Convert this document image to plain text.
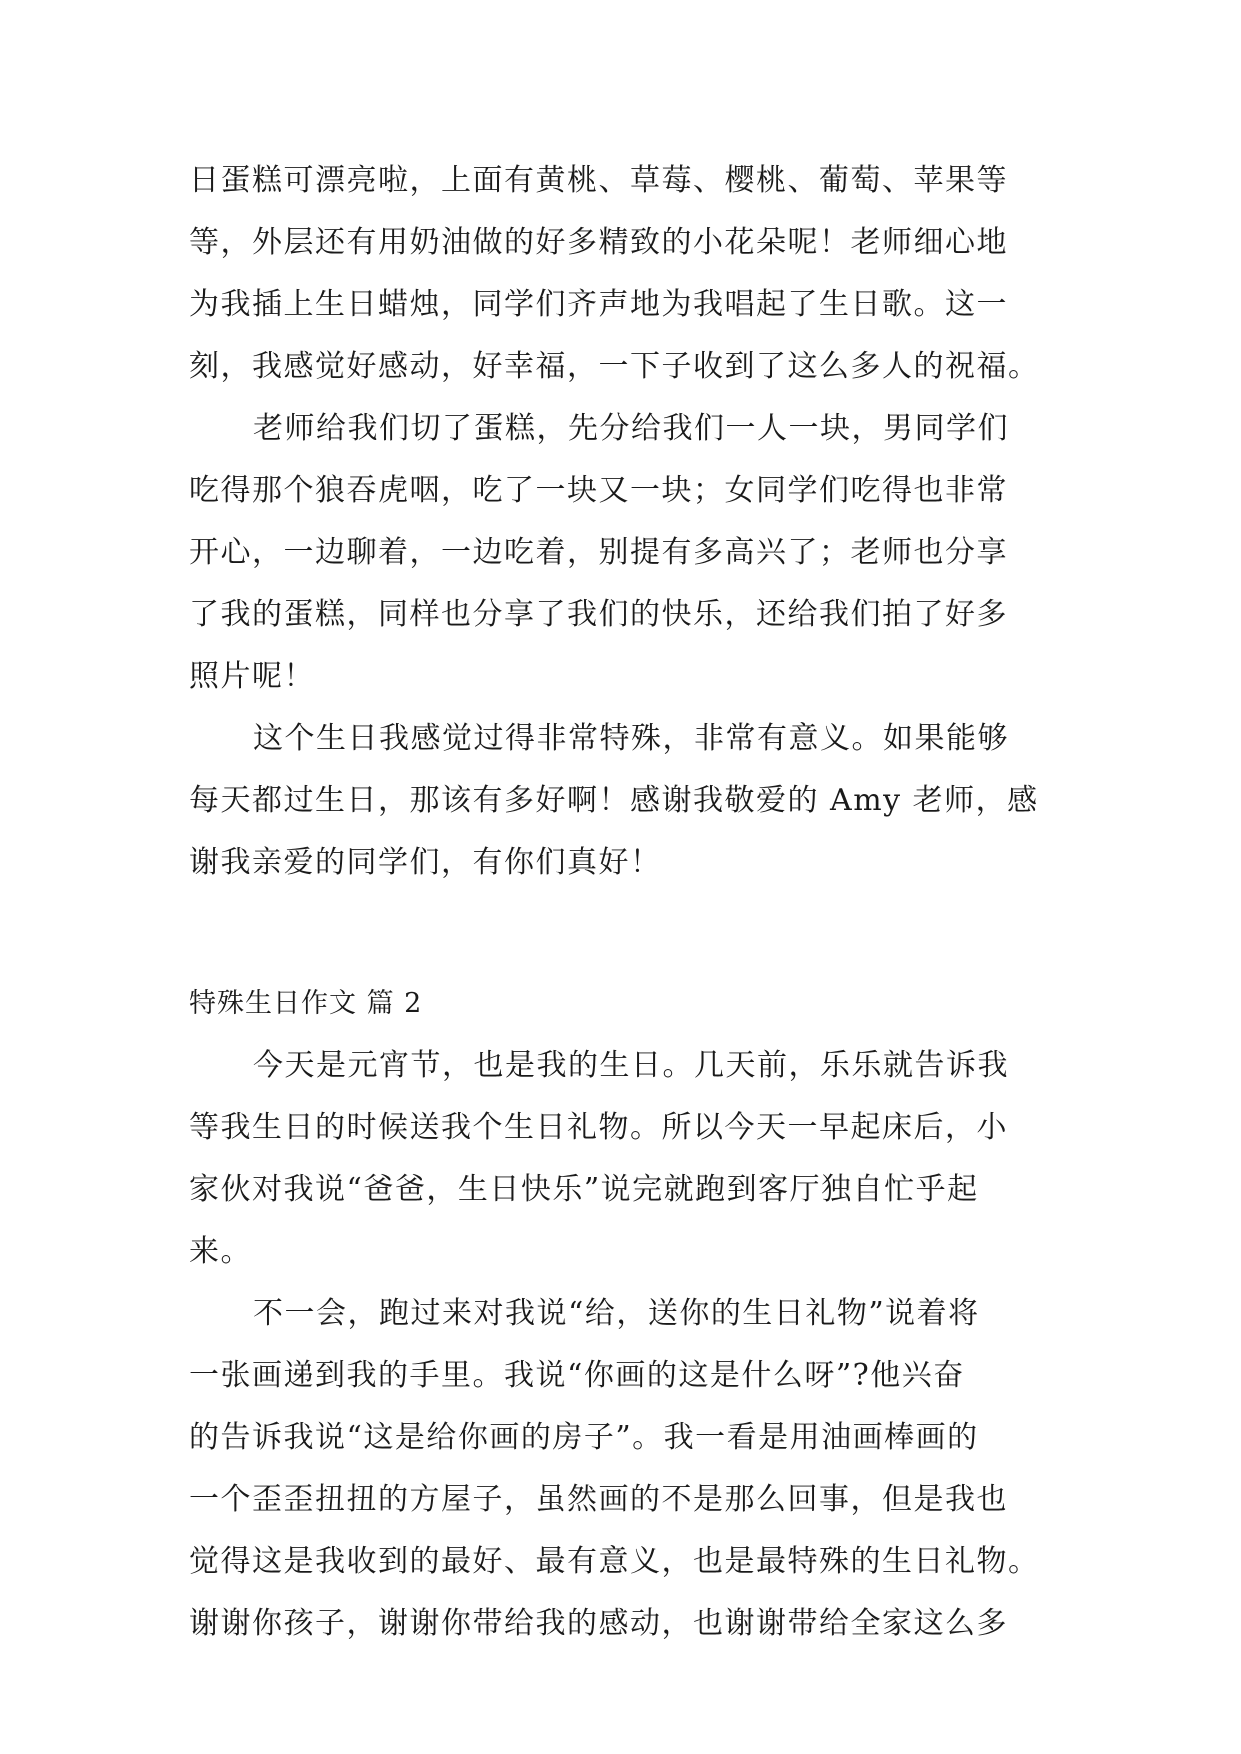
日蛋糕可漂亮啦，上面有黄桃、草莓、樱桃、葡萄、苹果等
等，外层还有用奶油做的好多精致的小花朵呢！老师细心地
为我插上生日蜡烛，同学们齐声地为我唱起了生日歌。这一
刻，我感觉好感动，好幸福，一下子收到了这么多人的祝福。
老师给我们切了蛋糕，先分给我们一人一块，男同学们
吃得那个狼吞虎咽，吃了一块又一块；女同学们吃得也非常
开心，一边聊着，一边吃着，别提有多高兴了；老师也分享
了我的蛋糕，同样也分享了我们的快乐，还给我们拍了好多
照片呢！
这个生日我感觉过得非常特殊，非常有意义。如果能够
每天都过生日，那该有多好啊！感谢我敬爱的 Amy 老师，感
谢我亲爱的同学们，有你们真好！
特殊生日作文 篇 2
今天是元宵节，也是我的生日。几天前，乐乐就告诉我
等我生日的时候送我个生日礼物。所以今天一早起床后，小
家伙对我说“爸爸，生日快乐”说完就跑到客厅独自忙乎起
来。
不一会，跑过来对我说“给，送你的生日礼物”说着将
一张画递到我的手里。我说“你画的这是什么呀”?他兴奋
的告诉我说“这是给你画的房子”。我一看是用油画棒画的
一个歪歪扭扭的方屋子，虽然画的不是那么回事，但是我也
觉得这是我收到的最好、最有意义，也是最特殊的生日礼物。
谢谢你孩子，谢谢你带给我的感动，也谢谢带给全家这么多
